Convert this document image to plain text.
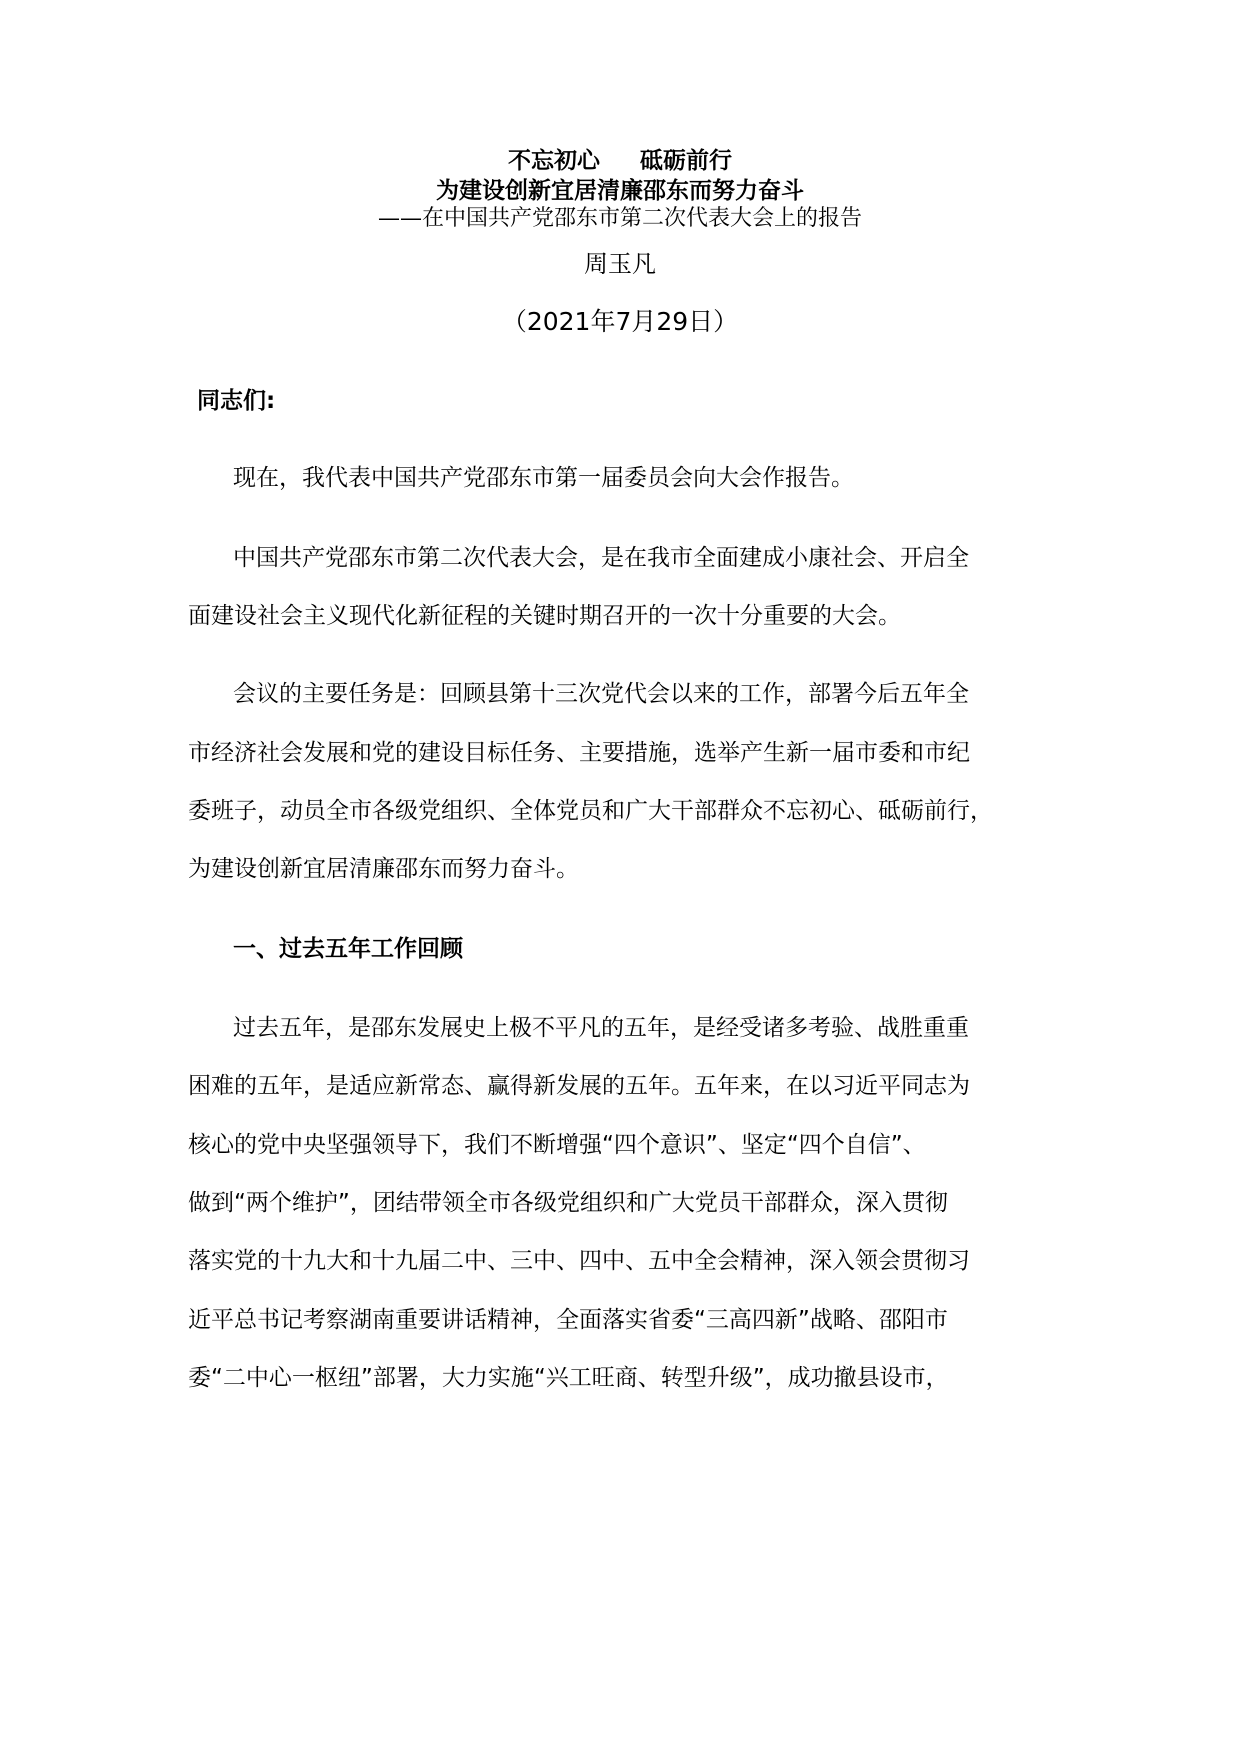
不忘初心 砥砺前行
为建设创新宜居清廉邵东而努力奋斗
——在中国共产党邵东市第二次代表大会上的报告
周玉凡
（2021年7月29日）
同志们:
现在，我代表中国共产党邵东市第一届委员会向大会作报告。
中国共产党邵东市第二次代表大会，是在我市全面建成小康社会、开启全
面建设社会主义现代化新征程的关键时期召开的一次十分重要的大会。
会议的主要任务是：回顾县第十三次党代会以来的工作，部署今后五年全
市经济社会发展和党的建设目标任务、主要措施，选举产生新一届市委和市纪
委班子，动员全市各级党组织、全体党员和广大干部群众不忘初心、砥砺前行，
为建设创新宜居清廉邵东而努力奋斗。
一、过去五年工作回顾
过去五年，是邵东发展史上极不平凡的五年，是经受诸多考验、战胜重重
困难的五年，是适应新常态、赢得新发展的五年。五年来，在以习近平同志为
核心的党中央坚强领导下，我们不断增强“四个意识”、坚定“四个自信”、
做到“两个维护”，团结带领全市各级党组织和广大党员干部群众，深入贯彻
落实党的十九大和十九届二中、三中、四中、五中全会精神，深入领会贯彻习
近平总书记考察湖南重要讲话精神，全面落实省委“三高四新”战略、邵阳市
委“二中心一枢纽”部署，大力实施“兴工旺商、转型升级”，成功撤县设市，
